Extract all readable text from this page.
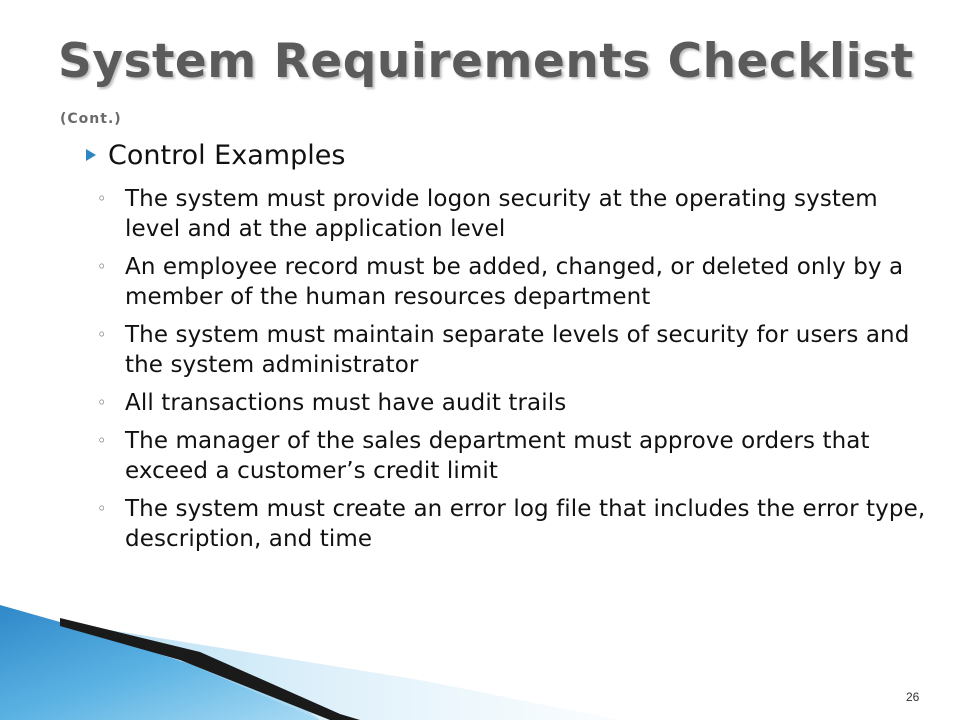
System Requirements Checklist
(Cont.)
Control Examples
◦ The system must provide logon security at the operating system level and at the application level
◦ An employee record must be added, changed, or deleted only by a member of the human resources department
◦ The system must maintain separate levels of security for users and the system administrator
◦ All transactions must have audit trails
◦ The manager of the sales department must approve orders that exceed a customer’s credit limit
◦ The system must create an error log file that includes the error type, description, and time
26
